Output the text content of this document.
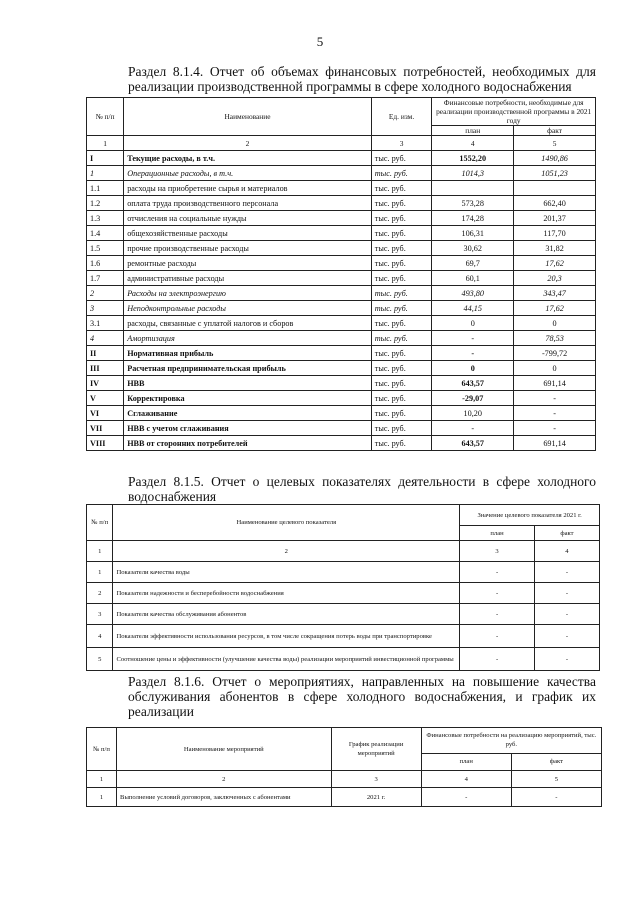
5
Раздел 8.1.4. Отчет об объемах финансовых потребностей, необходимых для реализации производственной программы в сфере холодного водоснабжения
№ п/п	Наименование	Ед. изм.	Финансовые потребности, необходимые для реализации производственной программы в 2021 году	
			план	факт
1	2	3	4	5
I	Текущие расходы, в т.ч.	тыс. руб.	1552,20	1490,86
1	Операционные расходы, в т.ч.	тыс. руб.	1014,3	1051,23
1.1	расходы на приобретение сырья и материалов	тыс. руб.		
1.2	оплата труда производственного персонала	тыс. руб.	573,28	662,40
1.3	отчисления на социальные нужды	тыс. руб.	174,28	201,37
1.4	общехозяйственные расходы	тыс. руб.	106,31	117,70
1.5	прочие производственные расходы	тыс. руб.	30,62	31,82
1.6	ремонтные расходы	тыс. руб.	69,7	17,62
1.7	административные расходы	тыс. руб.	60,1	20,3
2	Расходы на электроэнергию	тыс. руб.	493,80	343,47
3	Неподконтрольные расходы	тыс. руб.	44,15	17,62
3.1	расходы, связанные с уплатой налогов и сборов	тыс. руб.	0	0
4	Амортизация	тыс. руб.	-	78,53
II	Нормативная прибыль	тыс. руб.	-	-799,72
III	Расчетная предпринимательская прибыль	тыс. руб.	0	0
IV	НВВ	тыс. руб.	643,57	691,14
V	Корректировка	тыс. руб.	-29,07	-
VI	Сглаживание	тыс. руб.	10,20	-
VII	НВВ с учетом сглаживания	тыс. руб.	-	-
VIII	НВВ от сторонних потребителей	тыс. руб.	643,57	691,14
Раздел 8.1.5. Отчет о целевых показателях деятельности в сфере холодного водоснабжения
№ п/п	Наименование целевого показателя	Значение целевого показателя 2021 г.	
		план	факт
1	2	3	4
1	Показатели качества воды	-	-
2	Показатели надежности и бесперебойности водоснабжения	-	-
3	Показатели качества обслуживания абонентов	-	-
4	Показатели эффективности использования ресурсов, в том числе сокращения потерь воды при транспортировке	-	-
5	Соотношение цены и эффективности (улучшение качества воды) реализации мероприятий инвестиционной программы	-	-
Раздел 8.1.6. Отчет о мероприятиях, направленных на повышение качества обслуживания абонентов в сфере холодного водоснабжения, и график их реализации
№ п/п	Наименование мероприятий	График реализации мероприятий	Финансовые потребности на реализацию мероприятий, тыс. руб.	
			план	факт
1	2	3	4	5
1	Выполнение условий договоров, заключенных с абонентами	2021 г.	-	-
